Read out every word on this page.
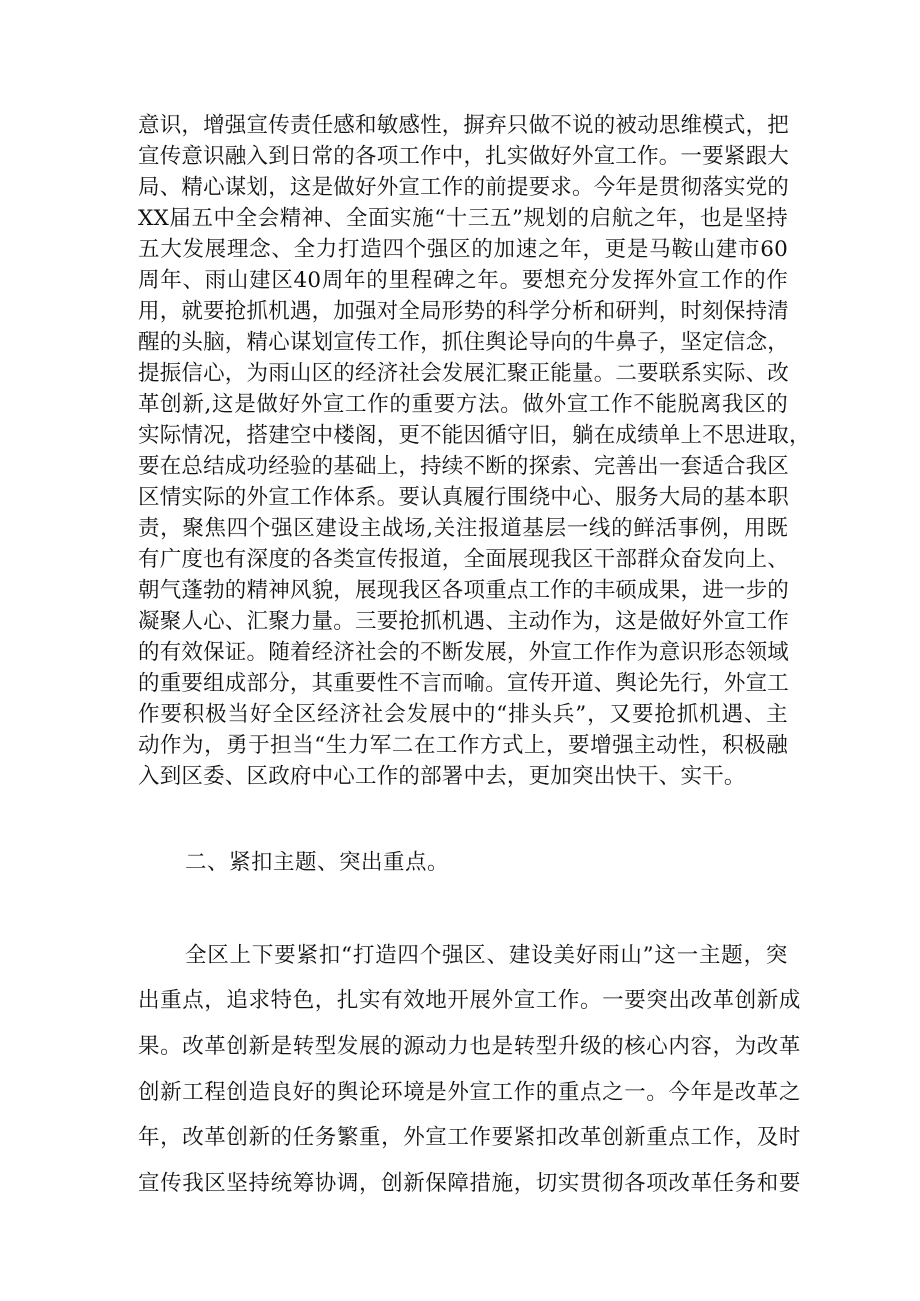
意识，增强宣传责任感和敏感性，摒弃只做不说的被动思维模式，把
宣传意识融入到日常的各项工作中，扎实做好外宣工作。一要紧跟大
局、精心谋划，这是做好外宣工作的前提要求。今年是贯彻落实党的
XX届五中全会精神、全面实施“十三五”规划的启航之年，也是坚持
五大发展理念、全力打造四个强区的加速之年，更是马鞍山建市60
周年、雨山建区40周年的里程碑之年。要想充分发挥外宣工作的作
用，就要抢抓机遇，加强对全局形势的科学分析和研判，时刻保持清
醒的头脑，精心谋划宣传工作，抓住舆论导向的牛鼻子，坚定信念，
提振信心，为雨山区的经济社会发展汇聚正能量。二要联系实际、改
革创新,这是做好外宣工作的重要方法。做外宣工作不能脱离我区的
实际情况，搭建空中楼阁，更不能因循守旧，躺在成绩单上不思进取，
要在总结成功经验的基础上，持续不断的探索、完善出一套适合我区
区情实际的外宣工作体系。要认真履行围绕中心、服务大局的基本职
责，聚焦四个强区建设主战场,关注报道基层一线的鲜活事例，用既
有广度也有深度的各类宣传报道，全面展现我区干部群众奋发向上、
朝气蓬勃的精神风貌，展现我区各项重点工作的丰硕成果，进一步的
凝聚人心、汇聚力量。三要抢抓机遇、主动作为，这是做好外宣工作
的有效保证。随着经济社会的不断发展，外宣工作作为意识形态领域
的重要组成部分，其重要性不言而喻。宣传开道、舆论先行，外宣工
作要积极当好全区经济社会发展中的“排头兵”，又要抢抓机遇、主
动作为，勇于担当“生力军二在工作方式上，要增强主动性，积极融
入到区委、区政府中心工作的部署中去，更加突出快干、实干。
二、紧扣主题、突出重点。
全区上下要紧扣“打造四个强区、建设美好雨山”这一主题，突
出重点，追求特色，扎实有效地开展外宣工作。一要突出改革创新成
果。改革创新是转型发展的源动力也是转型升级的核心内容，为改革
创新工程创造良好的舆论环境是外宣工作的重点之一。今年是改革之
年，改革创新的任务繁重，外宣工作要紧扣改革创新重点工作，及时
宣传我区坚持统筹协调，创新保障措施，切实贯彻各项改革任务和要
